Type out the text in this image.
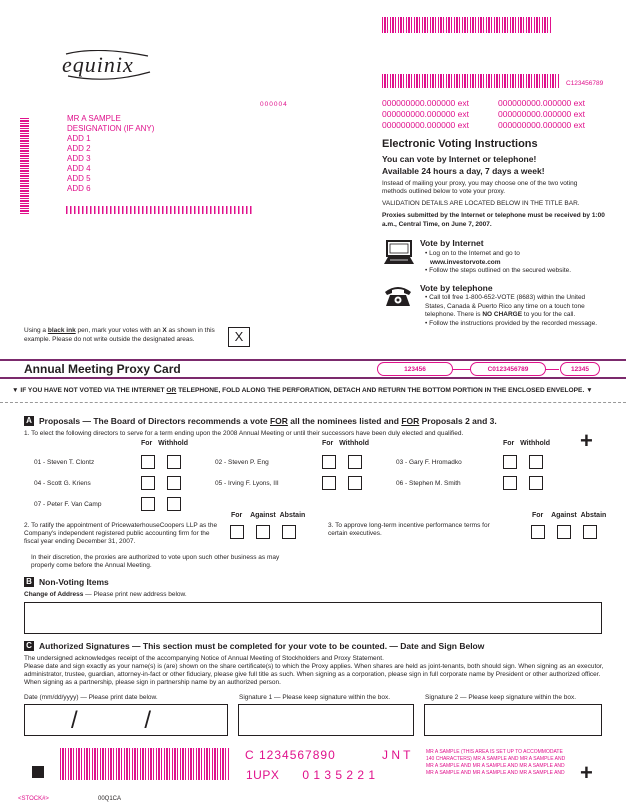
equinix
C123456789
000004
MR A SAMPLE
DESIGNATION (IF ANY)
ADD 1
ADD 2
ADD 3
ADD 4
ADD 5
ADD 6
000000000.000000 ext
000000000.000000 ext
000000000.000000 ext
000000000.000000 ext
000000000.000000 ext
000000000.000000 ext
Electronic Voting Instructions
You can vote by Internet or telephone!
Available 24 hours a day, 7 days a week!
Instead of mailing your proxy, you may choose one of the two voting methods outlined below to vote your proxy.
VALIDATION DETAILS ARE LOCATED BELOW IN THE TITLE BAR.
Proxies submitted by the Internet or telephone must be received by 1:00 a.m., Central Time, on June 7, 2007.
Vote by Internet
• Log on to the Internet and go to
www.investorvote.com
• Follow the steps outlined on the secured website.
Vote by telephone
• Call toll free 1-800-652-VOTE (8683) within the United States, Canada & Puerto Rico any time on a touch tone telephone. There is NO CHARGE to you for the call.
• Follow the instructions provided by the recorded message.
Using a black ink pen, mark your votes with an X as shown in this example. Please do not write outside the designated areas.	X
Annual Meeting Proxy Card	123456	C0123456789	12345
▼ IF YOU HAVE NOT VOTED VIA THE INTERNET OR TELEPHONE, FOLD ALONG THE PERFORATION, DETACH AND RETURN THE BOTTOM PORTION IN THE ENCLOSED ENVELOPE. ▼
A Proposals — The Board of Directors recommends a vote FOR all the nominees listed and FOR Proposals 2 and 3.
1. To elect the following directors to serve for a term ending upon the 2008 Annual Meeting or until their successors have been duly elected and qualified.
For Withhold	For Withhold	For Withhold +
01 - Steven T. Clontz	02 - Steven P. Eng	03 - Gary F. Hromadko
04 - Scott G. Kriens	05 - Irving F. Lyons, III	06 - Stephen M. Smith
07 - Peter F. Van Camp
For Against Abstain	For Against Abstain
2. To ratify the appointment of PricewaterhouseCoopers LLP as the Company's independent registered public accounting firm for the fiscal year ending December 31, 2007.
3. To approve long-term incentive performance terms for certain executives.
In their discretion, the proxies are authorized to vote upon such other business as may properly come before the Annual Meeting.
B Non-Voting Items
Change of Address — Please print new address below.
C Authorized Signatures — This section must be completed for your vote to be counted. — Date and Sign Below
The undersigned acknowledges receipt of the accompanying Notice of Annual Meeting of Stockholders and Proxy Statement.
Please date and sign exactly as your name(s) is (are) shown on the share certificate(s) to which the Proxy applies. When shares are held as joint-tenants, both should sign. When signing as an executor, administrator, trustee, guardian, attorney-in-fact or other fiduciary, please give full title as such. When signing as a corporation, please sign in full corporate name by President or other authorized officer. When signing as a partnership, please sign in partnership name by an authorized person.
Date (mm/dd/yyyy) — Please print date below.	Signature 1 — Please keep signature within the box.	Signature 2 — Please keep signature within the box.
/          /
C 1234567890	J N T
1UPX      0 1 3 5 2 2 1
MR A SAMPLE (THIS AREA IS SET UP TO ACCOMMODATE
140 CHARACTERS) MR A SAMPLE AND MR A SAMPLE AND
MR A SAMPLE AND MR A SAMPLE AND MR A SAMPLE AND
MR A SAMPLE AND MR A SAMPLE AND MR A SAMPLE AND +
<STOCK#>	00Q1CA
